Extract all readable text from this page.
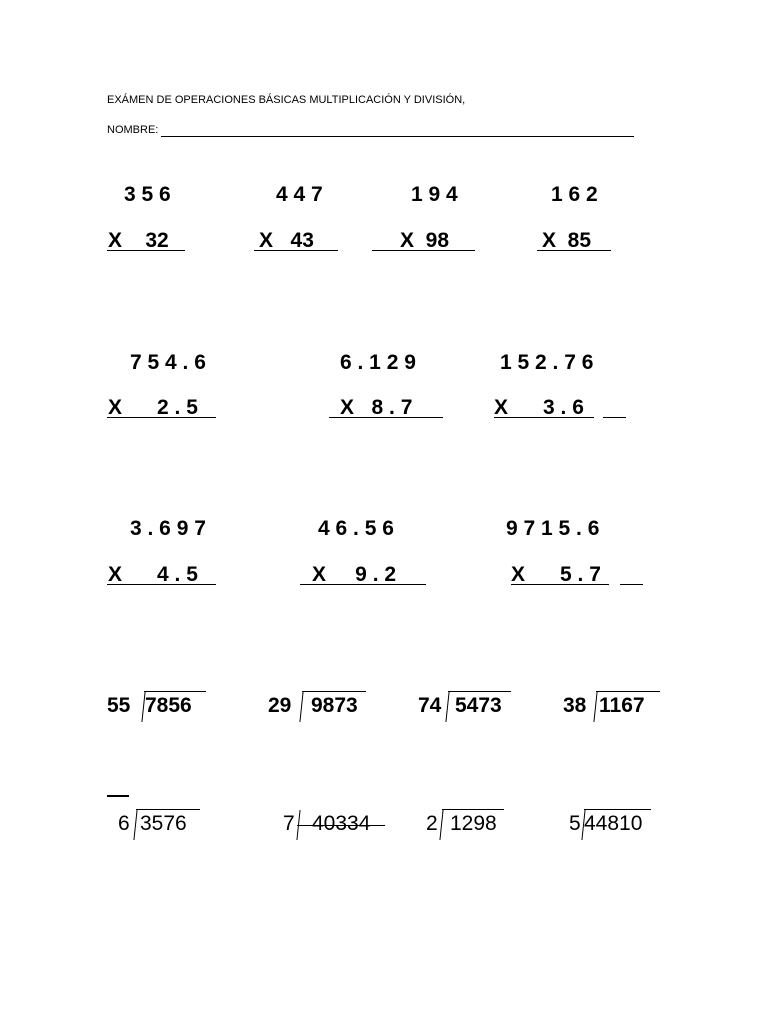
EXÁMEN DE OPERACIONES BÁSICAS MULTIPLICACIÓN Y DIVISIÓN,
NOMBRE:
3 5 6
X    32
4 4 7
X   43
1 9 4
X  98
1 6 2
X  85
7 5 4 . 6
X      2 . 5
6 . 1 2 9
X   8 . 7
1 5 2 . 7 6
X      3 . 6
3 . 6 9 7
X      4 . 5
4 6 . 5 6
X     9 . 2
9 7 1 5 . 6
X      5 . 7
55 7856	29 9873	74 5473	38 1167
6 3576	7 40334	2 1298	5 44810
